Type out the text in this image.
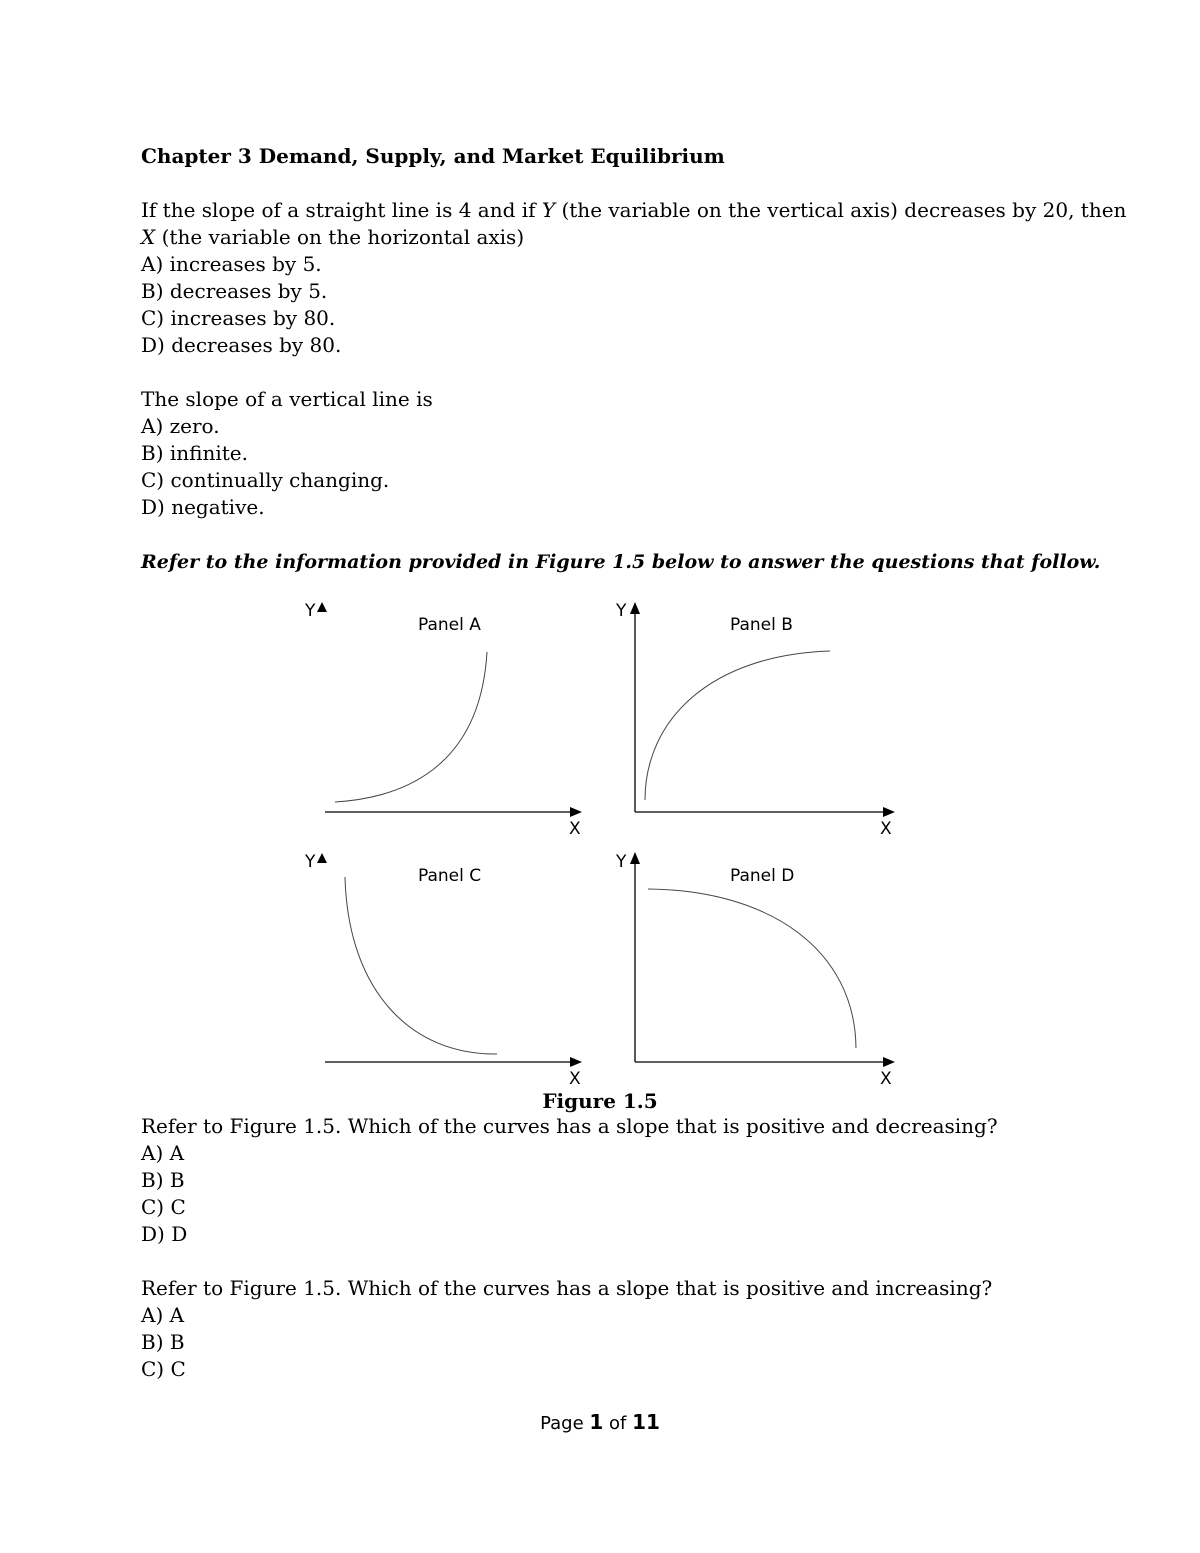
Chapter 3 Demand, Supply, and Market Equilibrium
If the slope of a straight line is 4 and if Y (the variable on the vertical axis) decreases by 20, then
X (the variable on the horizontal axis)
A) increases by 5.
B) decreases by 5.
C) increases by 80.
D) decreases by 80.
The slope of a vertical line is
A) zero.
B) infinite.
C) continually changing.
D) negative.
Refer to the information provided in Figure 1.5 below to answer the questions that follow.
Y
Panel A
X
Y
Panel B
X
Y
Panel C
X
Y
Panel D
X
Figure 1.5
Refer to Figure 1.5. Which of the curves has a slope that is positive and decreasing?
A) A
B) B
C) C
D) D
Refer to Figure 1.5. Which of the curves has a slope that is positive and increasing?
A) A
B) B
C) C
Page 1 of 11
